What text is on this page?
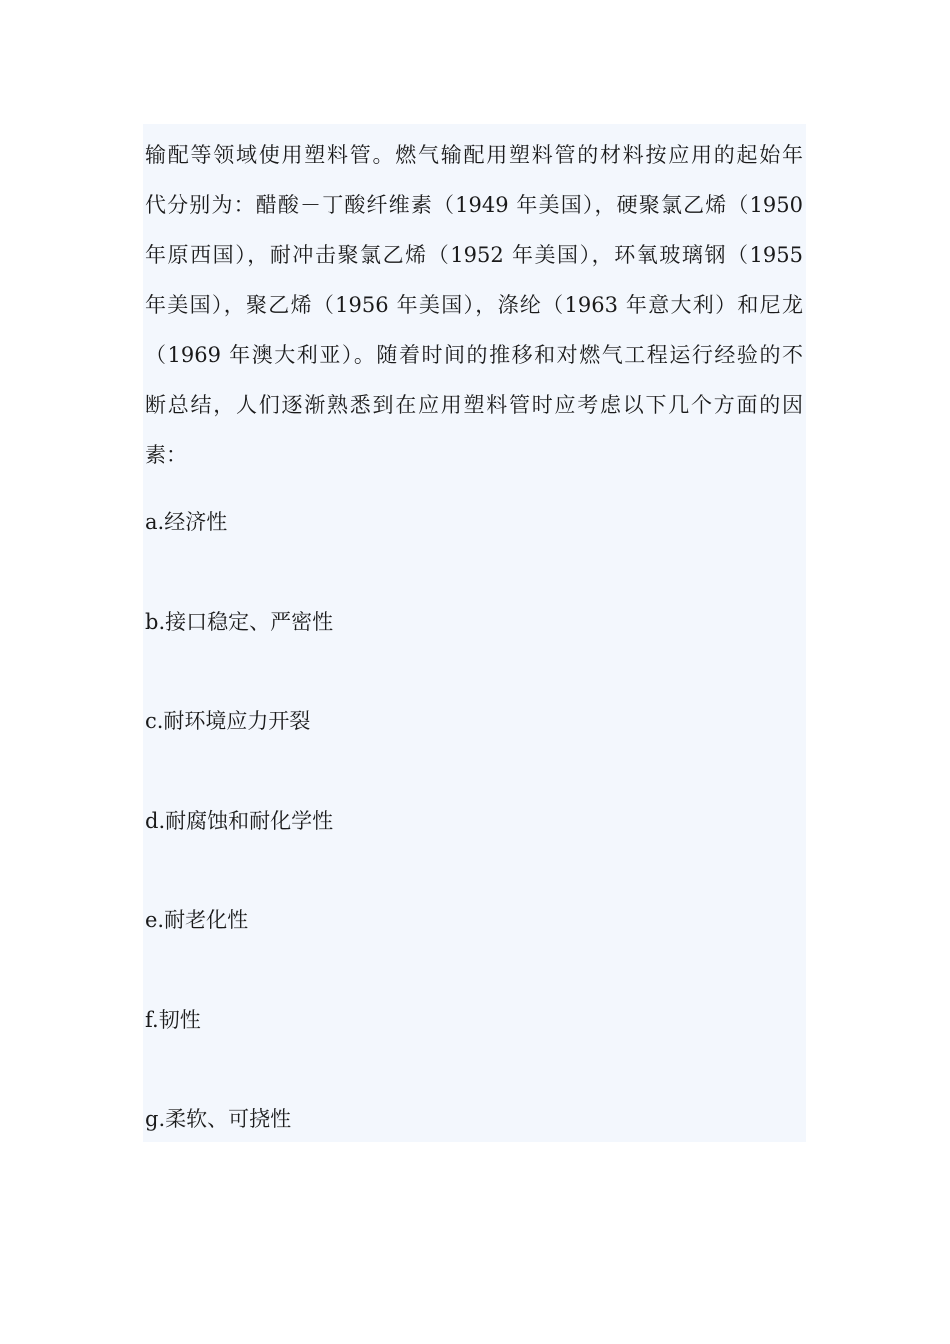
输配等领域使用塑料管。燃气输配用塑料管的材料按应用的起始年
代分别为：醋酸－丁酸纤维素（1949 年美国），硬聚氯乙烯（1950
年原西国），耐冲击聚氯乙烯（1952 年美国），环氧玻璃钢（1955
年美国），聚乙烯（1956 年美国），涤纶（1963 年意大利）和尼龙
（1969 年澳大利亚）。随着时间的推移和对燃气工程运行经验的不
断总结，人们逐渐熟悉到在应用塑料管时应考虑以下几个方面的因
素：

a.经济性
b.接口稳定、严密性
c.耐环境应力开裂
d.耐腐蚀和耐化学性
e.耐老化性
f.韧性
g.柔软、可挠性
